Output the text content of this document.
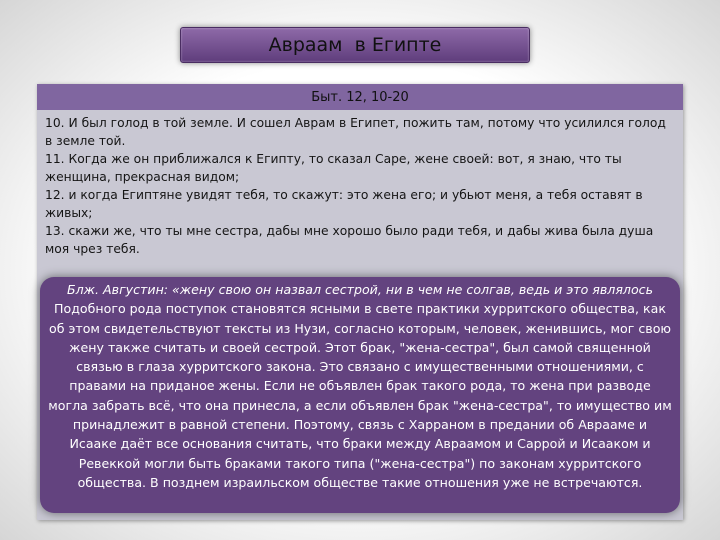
Авраам  в Египте
Быт. 12, 10-20
10. И был голод в той земле. И сошел Аврам в Египет, пожить там, потому что усилился голод в земле той.
11. Когда же он приближался к Египту, то сказал Саре, жене своей: вот, я знаю, что ты женщина, прекрасная видом;
12. и когда Египтяне увидят тебя, то скажут: это жена его; и убьют меня, а тебя оставят в живых;
13. скажи же, что ты мне сестра, дабы мне хорошо было ради тебя, и дабы жива была душа моя чрез тебя.

Блж. Августин: «жену свою он назвал сестрой, ни в чем не солгав, ведь и это являлось Подобного рода поступок становятся ясными в свете практики хурритского общества, как об этом свидетельствуют тексты из Нузи, согласно которым, человек, женившись, мог свою жену также считать и своей сестрой. Этот брак, "жена-сестра", был самой священной связью в глаза хурритского закона. Это связано с имущественными отношениями, с правами на приданое жены. Если не объявлен брак такого рода, то жена при разводе могла забрать всё, что она принесла, а если объявлен брак "жена-сестра", то имущество им принадлежит в равной степени. Поэтому, связь с Харраном в предании об Аврааме и Исааке даёт все основания считать, что браки между Авраамом и Саррой и Исааком и Ревеккой могли быть браками такого типа ("жена-сестра") по законам хурритского общества. В позднем израильском обществе такие отношения уже не встречаются.
